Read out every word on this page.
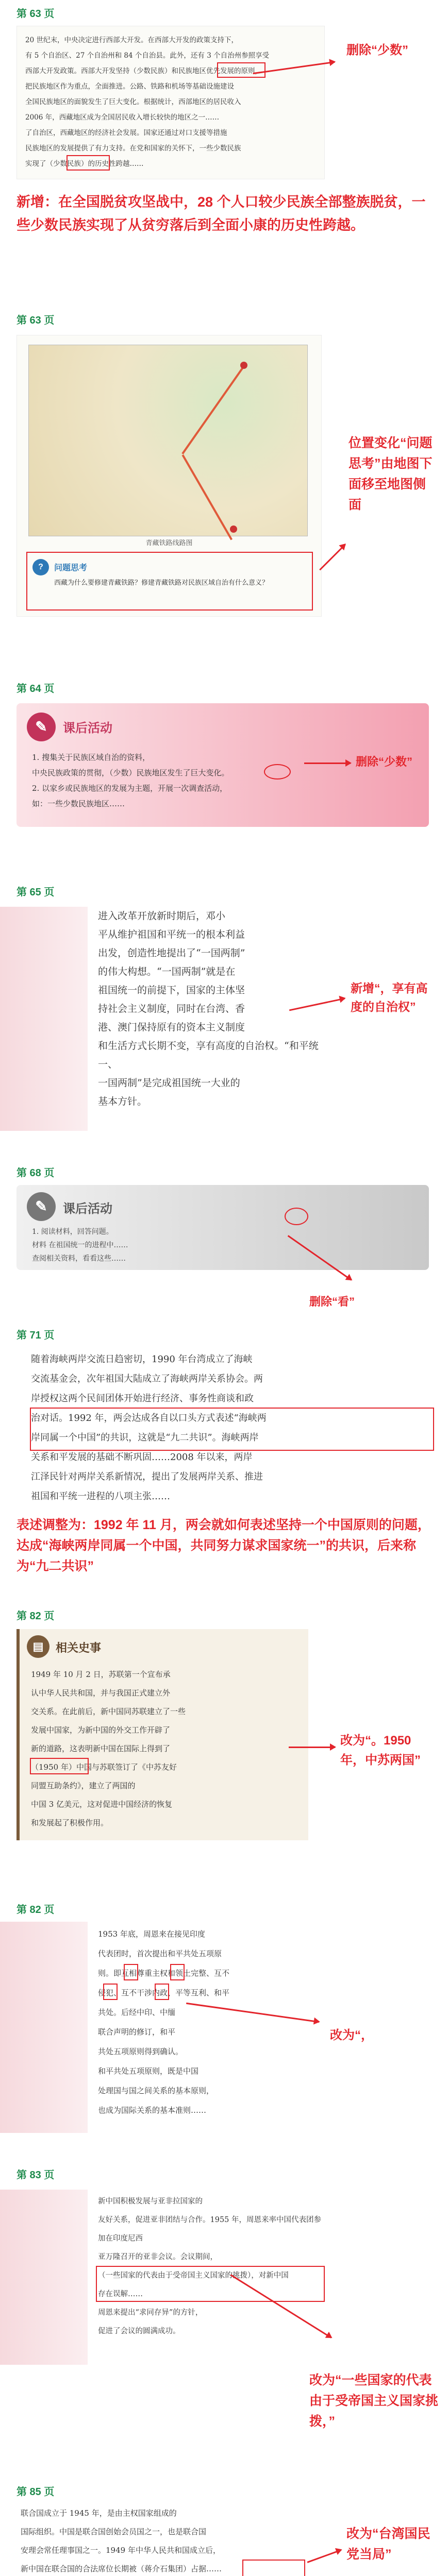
第 63 页

20 世纪末，中央决定进行西部大开发。在西部大开发的政策支持下，

有 5 个自治区、27 个自治州和 84 个自治县。此外，还有 3 个自治州参照享受

西部大开发政策。西部大开发坚持（少数民族）和民族地区优先发展的原则，

把民族地区作为重点，全面推进。公路、铁路和机场等基础设施建设

全国民族地区的面貌发生了巨大变化。根据统计，西部地区的居民收入

2006 年，西藏地区成为全国居民收入增长较快的地区之一……

了自治区，西藏地区的经济社会发展。国家还通过对口支援等措施

民族地区的发展提供了有力支持。在党和国家的关怀下，一些少数民族

实现了（少数民族）的历史性跨越……

删除“少数”
新增：在全国脱贫攻坚战中，28 个人口较少民族全部整族脱贫，一些少数民族实现了从贫穷落后到全面小康的历史性跨越。
第 63 页
青藏铁路线路图
?	问题思考
西藏为什么要修建青藏铁路？修建青藏铁路对民族区域自治有什么意义？
位置变化“问题思考”由地图下面移至地图侧面
第 64 页
✎	课后活动
1. 搜集关于民族区域自治的资料，
中央民族政策的贯彻，（少数）民族地区发生了巨大变化。
2. 以家乡或民族地区的发展为主题，开展一次调查活动，
如：一些少数民族地区……
删除“少数”
第 65 页
进入改革开放新时期后，邓小
平从维护祖国和平统一的根本利益
出发，创造性地提出了“一国两制”
的伟大构想。“一国两制”就是在
祖国统一的前提下，国家的主体坚
持社会主义制度，同时在台湾、香
港、澳门保持原有的资本主义制度
和生活方式长期不变，享有高度的自治权。“和平统一、
一国两制”是完成祖国统一大业的
基本方针。
新增“，享有高度的自治权”
第 68 页
✎	课后活动
1. 阅读材料，回答问题。
材料 在祖国统一的进程中……
查阅相关资料，看看这些……
删除“看”
第 71 页
随着海峡两岸交流日趋密切，1990 年台湾成立了海峡
交流基金会，次年祖国大陆成立了海峡两岸关系协会。两
岸授权这两个民间团体开始进行经济、事务性商谈和政
治对话。1992 年，两会达成各自以口头方式表述“海峡两
岸同属一个中国”的共识，这就是“九二共识”。海峡两岸
关系和平发展的基础不断巩固……2008 年以来，两岸
江泽民针对两岸关系新情况，提出了发展两岸关系、推进
祖国和平统一进程的八项主张……
表述调整为：1992 年 11 月，两会就如何表述坚持一个中国原则的问题，达成“海峡两岸同属一个中国，共同努力谋求国家统一”的共识，后来称为“九二共识”
第 82 页
▤	相关史事
1949 年 10 月 2 日，苏联第一个宣布承
认中华人民共和国，并与我国正式建立外
交关系。在此前后，新中国同苏联建立了一些
发展中国家，为新中国的外交工作开辟了
新的道路，这表明新中国在国际上得到了
（1950 年）中国与苏联签订了《中苏友好
同盟互助条约》，建立了两国的
中国 3 亿美元，这对促进中国经济的恢复
和发展起了积极作用。
改为“。1950 年，中苏两国”
第 82 页
1953 年底，周恩来在接见印度
代表团时，首次提出和平共处五项原
则。即互相尊重主权和领土完整、互不
侵犯、互不干涉内政、平等互利、和平
共处。后经中印、中缅
联合声明的修订，和平
共处五项原则得到确认。
和平共处五项原则，既是中国
处理国与国之间关系的基本原则，
也成为国际关系的基本准则……
改为“，
第 83 页
新中国积极发展与亚非拉国家的
友好关系，促进亚非团结与合作。1955 年，周恩来率中国代表团参加在印度尼西
亚万隆召开的亚非会议。会议期间，
（一些国家的代表由于受帝国主义国家的挑拨），对新中国
存在误解……
周恩来提出“求同存异”的方针，
促进了会议的圆满成功。
改为“一些国家的代表由于受帝国主义国家挑拨，”
第 85 页
联合国成立于 1945 年，是由主权国家组成的
国际组织。中国是联合国创始会员国之一，也是联合国
安理会常任理事国之一。1949 年中华人民共和国成立后，
新中国在联合国的合法席位长期被（蒋介石集团）占据……
改为“台湾国民党当局”
